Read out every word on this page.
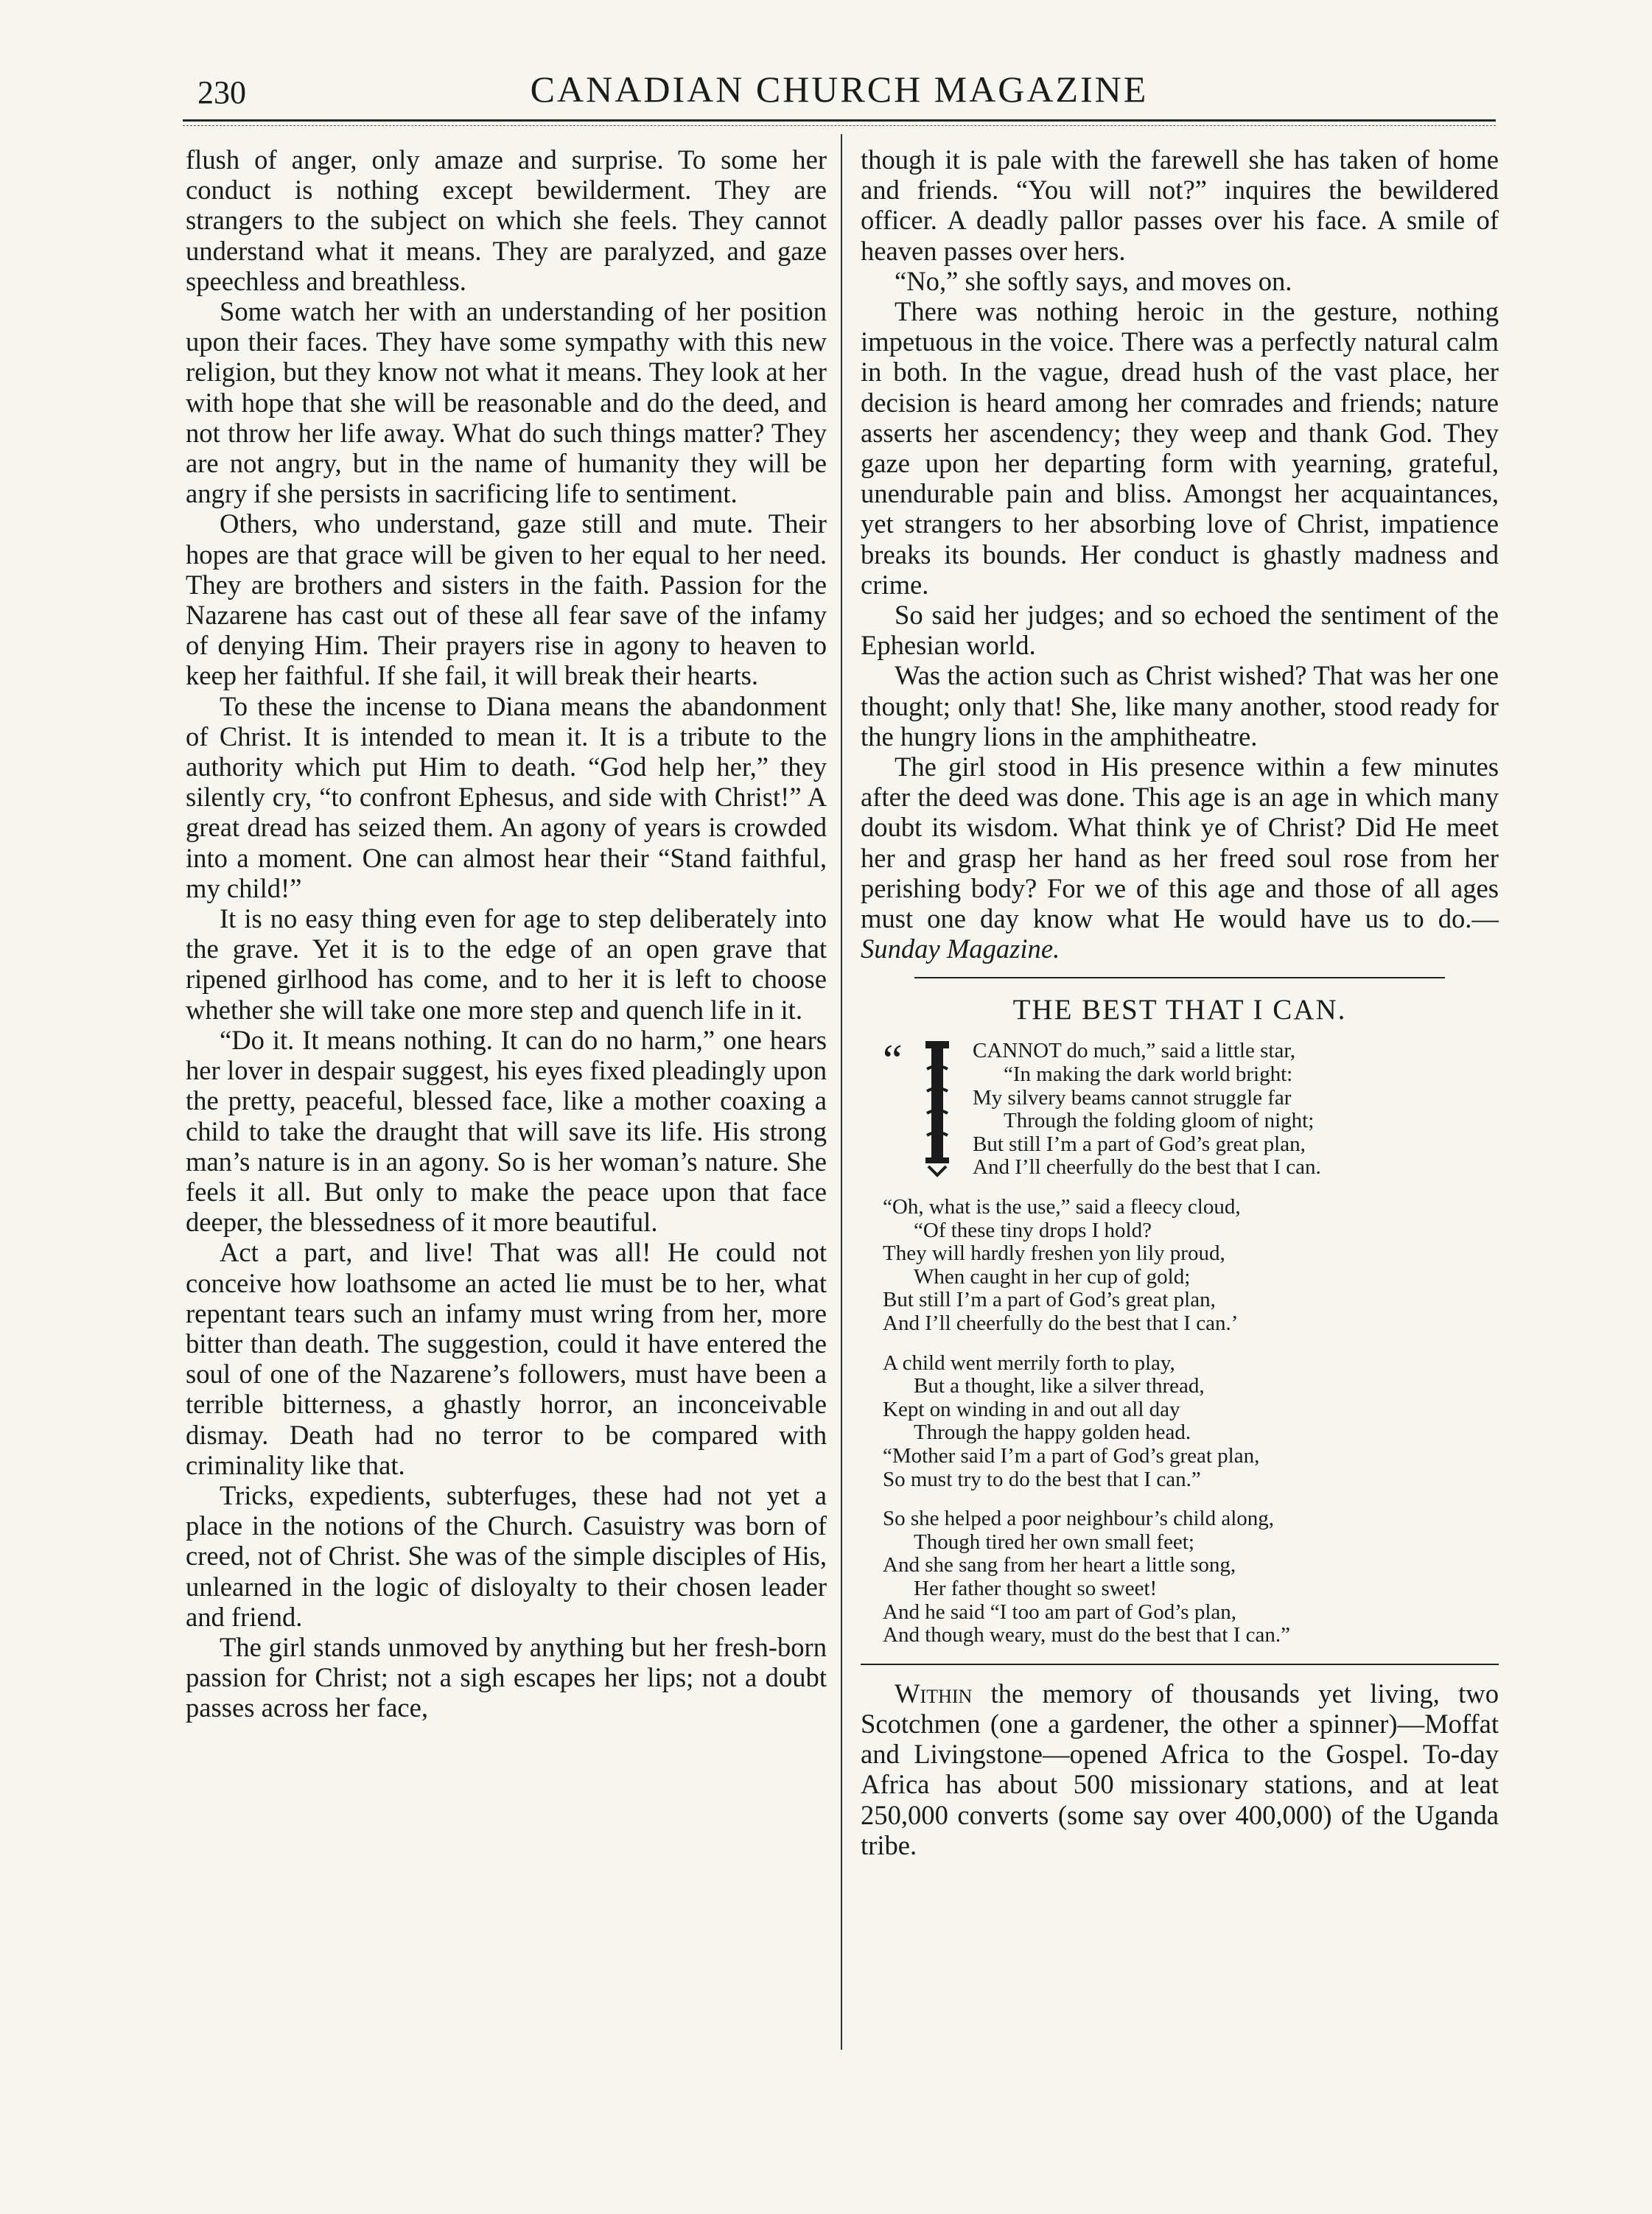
230	CANADIAN CHURCH MAGAZINE

flush of anger, only amaze and surprise. To some her conduct is nothing except bewilderment. They are strangers to the subject on which she feels. They cannot understand what it means. They are paralyzed, and gaze speechless and breathless.

Some watch her with an understanding of her position upon their faces. They have some sympathy with this new religion, but they know not what it means. They look at her with hope that she will be reasonable and do the deed, and not throw her life away. What do such things matter? They are not angry, but in the name of humanity they will be angry if she persists in sacrificing life to sentiment.

Others, who understand, gaze still and mute. Their hopes are that grace will be given to her equal to her need. They are brothers and sisters in the faith. Passion for the Nazarene has cast out of these all fear save of the infamy of denying Him. Their prayers rise in agony to heaven to keep her faithful. If she fail, it will break their hearts.

To these the incense to Diana means the abandonment of Christ. It is intended to mean it. It is a tribute to the authority which put Him to death. “God help her,” they silently cry, “to confront Ephesus, and side with Christ!” A great dread has seized them. An agony of years is crowded into a moment. One can almost hear their “Stand faithful, my child!”

It is no easy thing even for age to step deliberately into the grave. Yet it is to the edge of an open grave that ripened girlhood has come, and to her it is left to choose whether she will take one more step and quench life in it.

“Do it. It means nothing. It can do no harm,” one hears her lover in despair suggest, his eyes fixed pleadingly upon the pretty, peaceful, blessed face, like a mother coaxing a child to take the draught that will save its life. His strong man’s nature is in an agony. So is her woman’s nature. She feels it all. But only to make the peace upon that face deeper, the blessedness of it more beautiful.

Act a part, and live! That was all! He could not conceive how loathsome an acted lie must be to her, what repentant tears such an infamy must wring from her, more bitter than death. The suggestion, could it have entered the soul of one of the Nazarene’s followers, must have been a terrible bitterness, a ghastly horror, an inconceivable dismay. Death had no terror to be compared with criminality like that.

Tricks, expedients, subterfuges, these had not yet a place in the notions of the Church. Casuistry was born of creed, not of Christ. She was of the simple disciples of His, unlearned in the logic of disloyalty to their chosen leader and friend.

The girl stands unmoved by anything but her fresh-born passion for Christ; not a sigh escapes her lips; not a doubt passes across her face,

though it is pale with the farewell she has taken of home and friends. “You will not?” inquires the bewildered officer. A deadly pallor passes over his face. A smile of heaven passes over hers.

“No,” she softly says, and moves on.

There was nothing heroic in the gesture, nothing impetuous in the voice. There was a perfectly natural calm in both. In the vague, dread hush of the vast place, her decision is heard among her comrades and friends; nature asserts her ascendency; they weep and thank God. They gaze upon her departing form with yearning, grateful, unendurable pain and bliss. Amongst her acquaintances, yet strangers to her absorbing love of Christ, impatience breaks its bounds. Her conduct is ghastly madness and crime.

So said her judges; and so echoed the sentiment of the Ephesian world.

Was the action such as Christ wished? That was her one thought; only that! She, like many another, stood ready for the hungry lions in the amphitheatre.

The girl stood in His presence within a few minutes after the deed was done. This age is an age in which many doubt its wisdom. What think ye of Christ? Did He meet her and grasp her hand as her freed soul rose from her perishing body? For we of this age and those of all ages must one day know what He would have us to do.—Sunday Magazine.

THE BEST THAT I CAN.
“	CANNOT do much,” said a little star,
“In making the dark world bright:
My silvery beams cannot struggle far
Through the folding gloom of night;
But still I’m a part of God’s great plan,
And I’ll cheerfully do the best that I can.
“Oh, what is the use,” said a fleecy cloud,
“Of these tiny drops I hold?
They will hardly freshen yon lily proud,
When caught in her cup of gold;
But still I’m a part of God’s great plan,
And I’ll cheerfully do the best that I can.’
A child went merrily forth to play,
But a thought, like a silver thread,
Kept on winding in and out all day
Through the happy golden head.
“Mother said I’m a part of God’s great plan,
So must try to do the best that I can.”
So she helped a poor neighbour’s child along,
Though tired her own small feet;
And she sang from her heart a little song,
Her father thought so sweet!
And he said “I too am part of God’s plan,
And though weary, must do the best that I can.”

Within the memory of thousands yet living, two Scotchmen (one a gardener, the other a spinner)—Moffat and Livingstone—opened Africa to the Gospel. To-day Africa has about 500 missionary stations, and at leat 250,000 converts (some say over 400,000) of the Uganda tribe.
